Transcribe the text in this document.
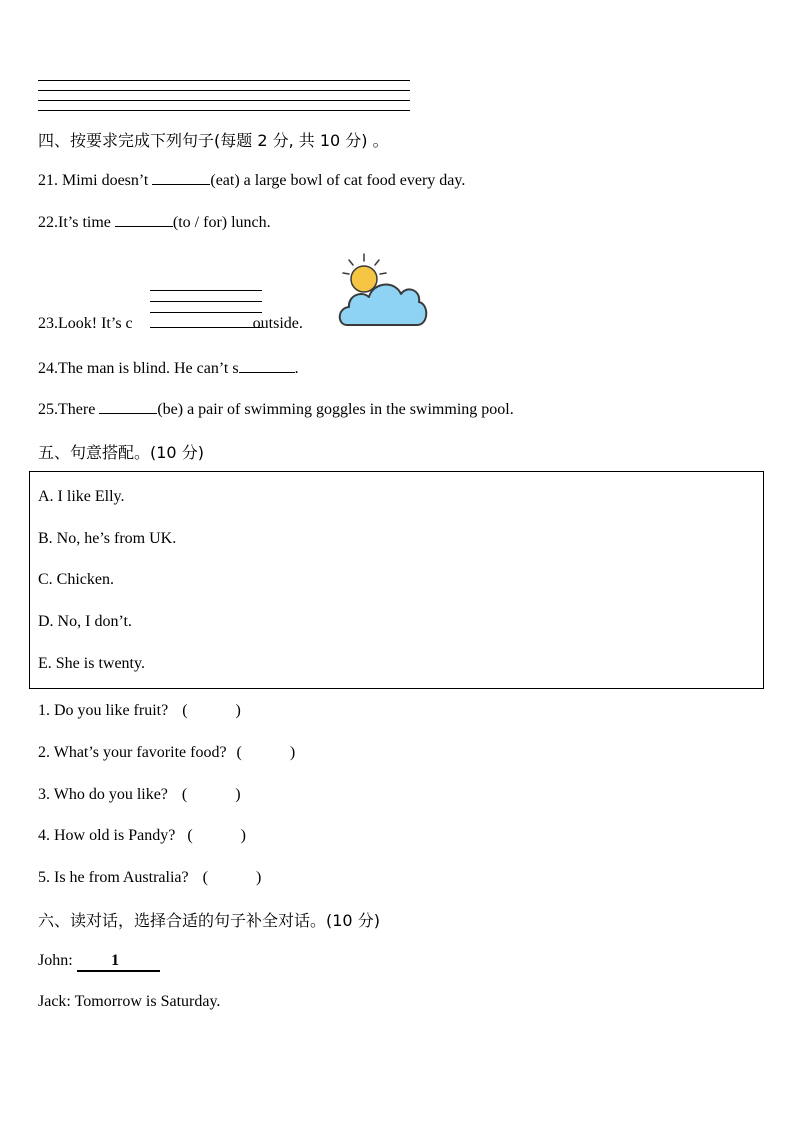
四、按要求完成下列句子(每题 2 分, 共 10 分) 。
21. Mimi doesn’t	(eat) a large bowl of cat food every day.
22.It’s time	(to / for) lunch.
23.Look! It’s c	outside.
24.The man is blind. He can’t s	.
25.There	(be) a pair of swimming goggles in the swimming pool.
五、句意搭配。(10 分)
A. I like Elly.
B. No, he’s from UK.
C. Chicken.
D. No, I don’t.
E. She is twenty.
1. Do you like fruit? (            )
2. What’s your favorite food? (            )
3. Who do you like? (            )
4. How old is Pandy? (            )
5. Is he from Australia? (            )
六、读对话，选择合适的句子补全对话。(10 分)
John: 1
Jack: Tomorrow is Saturday.
